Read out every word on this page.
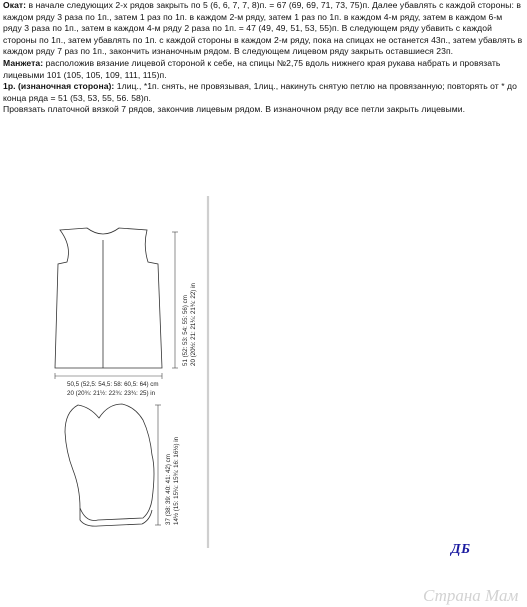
Окат: в начале следующих 2-х рядов закрыть по 5 (6, 6, 7, 7, 8)п. = 67 (69, 69, 71, 73, 75)п. Далее убавлять с каждой стороны: в каждом ряду 3 раза по 1п., затем 1 раз по 1п. в каждом 2-м ряду, затем 1 раз по 1п. в каждом 4-м ряду, затем в каждом 6-м ряду 3 раза по 1п., затем в каждом 4-м ряду 2 раза по 1п. = 47 (49, 49, 51, 53, 55)п. В следующем ряду убавить с каждой стороны по 1п., затем убавлять по 1п. с каждой стороны в каждом 2-м ряду, пока на спицах не останется 43п., затем убавлять в каждом ряду 7 раз по 1п., закончить изнаночным рядом. В следующем лицевом ряду закрыть оставшиеся 23п.

Манжета: расположив вязание лицевой стороной к себе, на спицы №2,75 вдоль нижнего края рукава набрать и провязать лицевыми 101 (105, 105, 109, 111, 115)п.

1р. (изнаночная сторона): 1лиц., *1п. снять, не провязывая, 1лиц., накинуть снятую петлю на провязанную; повторять от * до конца ряда = 51 (53, 53, 55, 56. 58)п.

Провязать платочной вязкой 7 рядов, закончив лицевым рядом. В изнаночном ряду все петли закрыть лицевыми.

51 (52: 53: 54: 55: 56) cm 20 (20½: 21: 21¼: 21¾: 22) in
50,5 (52,5: 54,5: 58: 60,5: 64) cm
20 (20¾: 21½: 22¾: 23¾: 25) in
37 (38: 39: 40: 41: 42) cm 14½ (15: 15¼: 15¾: 16: 16½) in
ДБ
Страна Мам
